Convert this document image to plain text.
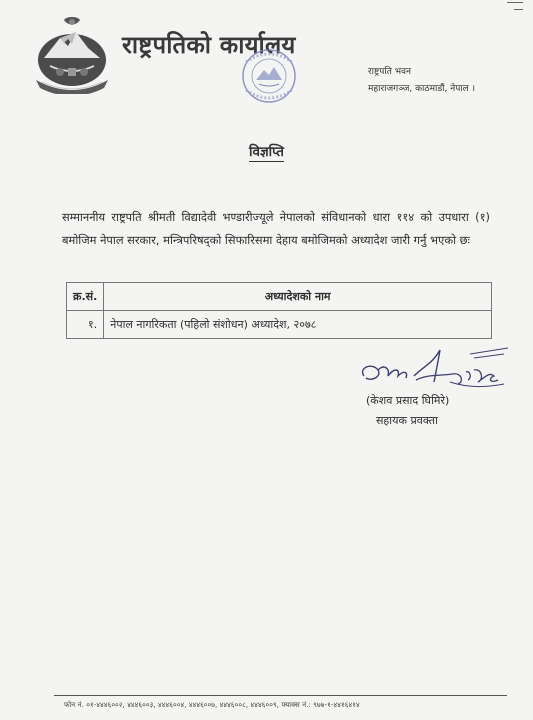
राष्ट्रपतिको कार्यालय
राष्ट्रपति भवन
महाराजगञ्ज, काठमाडौं, नेपाल ।
विज्ञप्ति
सम्माननीय राष्ट्रपति श्रीमती विद्यादेवी भण्डारीज्यूले नेपालको संविधानको धारा ११४ को उपधारा (१) बमोजिम नेपाल सरकार, मन्त्रिपरिषद्को सिफारिसमा देहाय बमोजिमको अध्यादेश जारी गर्नु भएको छः
क्र.सं.	अध्यादेशको नाम
१.	नेपाल नागरिकता (पहिलो संशोधन) अध्यादेश, २०७८
(केशव प्रसाद घिमिरे)
सहायक प्रवक्ता
फोन नं. ०१-४४४६००२, ४४४६००३, ४४४६००४, ४४४६००७, ४४४६००८, ४४४६००९, फ्याक्स नं.: ९७७-१-४४१६४१४
